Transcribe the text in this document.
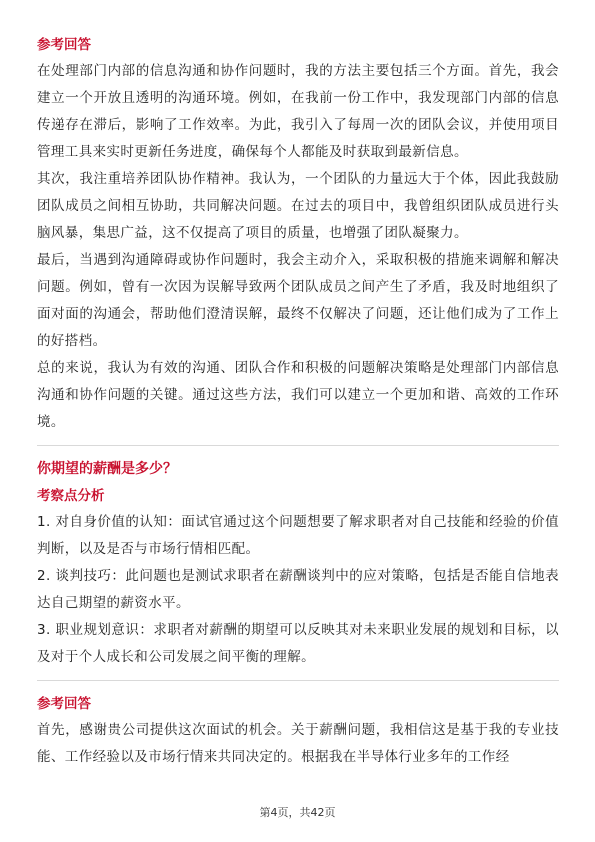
参考回答

在处理部门内部的信息沟通和协作问题时，我的方法主要包括三个方面。首先，我会建立一个开放且透明的沟通环境。例如，在我前一份工作中，我发现部门内部的信息传递存在滞后，影响了工作效率。为此，我引入了每周一次的团队会议，并使用项目管理工具来实时更新任务进度，确保每个人都能及时获取到最新信息。

其次，我注重培养团队协作精神。我认为，一个团队的力量远大于个体，因此我鼓励团队成员之间相互协助，共同解决问题。在过去的项目中，我曾组织团队成员进行头脑风暴，集思广益，这不仅提高了项目的质量，也增强了团队凝聚力。

最后，当遇到沟通障碍或协作问题时，我会主动介入，采取积极的措施来调解和解决问题。例如，曾有一次因为误解导致两个团队成员之间产生了矛盾，我及时地组织了面对面的沟通会，帮助他们澄清误解，最终不仅解决了问题，还让他们成为了工作上的好搭档。

总的来说，我认为有效的沟通、团队合作和积极的问题解决策略是处理部门内部信息沟通和协作问题的关键。通过这些方法，我们可以建立一个更加和谐、高效的工作环境。

你期望的薪酬是多少？
考察点分析

1. 对自身价值的认知：面试官通过这个问题想要了解求职者对自己技能和经验的价值判断，以及是否与市场行情相匹配。

2. 谈判技巧：此问题也是测试求职者在薪酬谈判中的应对策略，包括是否能自信地表达自己期望的薪资水平。

3. 职业规划意识：求职者对薪酬的期望可以反映其对未来职业发展的规划和目标，以及对于个人成长和公司发展之间平衡的理解。

参考回答

首先，感谢贵公司提供这次面试的机会。关于薪酬问题，我相信这是基于我的专业技能、工作经验以及市场行情来共同决定的。根据我在半导体行业多年的工作经

第4页，共42页
